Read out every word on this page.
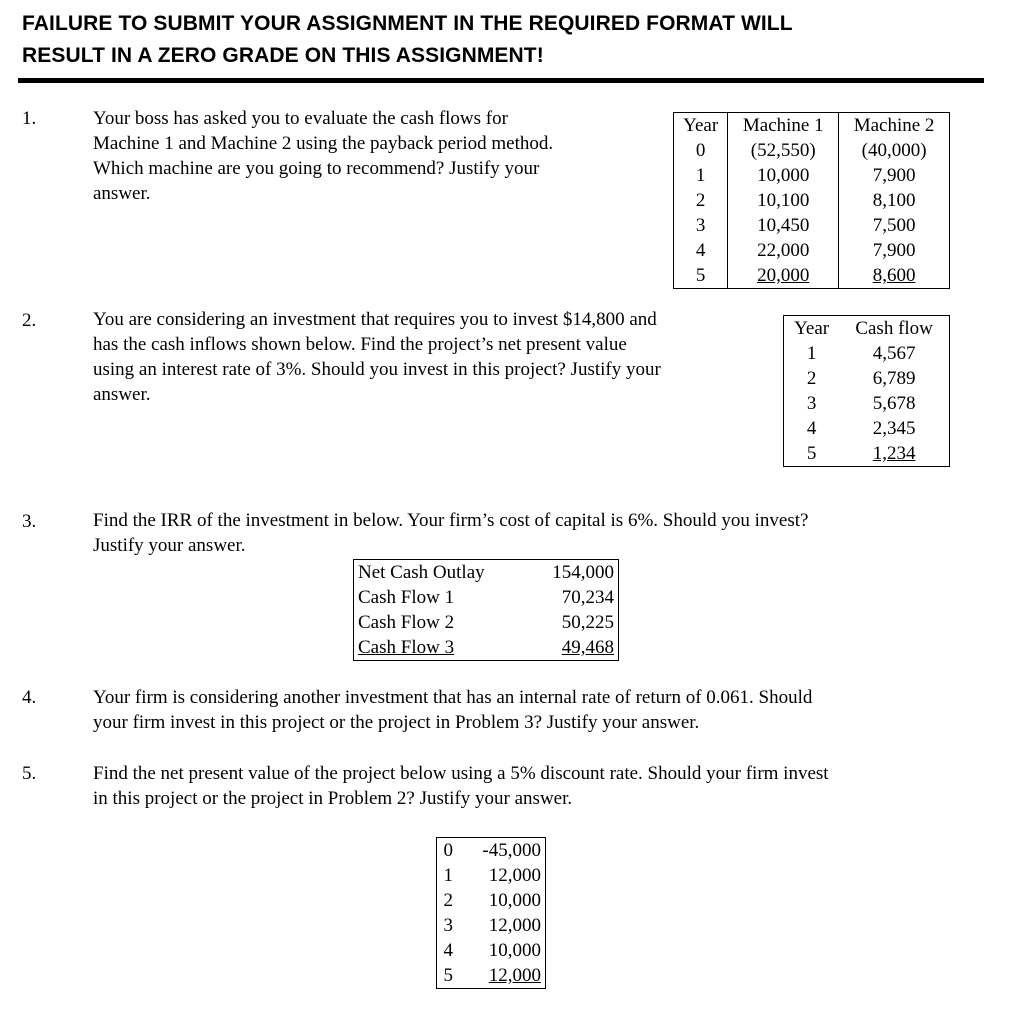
FAILURE TO SUBMIT YOUR ASSIGNMENT IN THE REQUIRED FORMAT WILL
RESULT IN A ZERO GRADE ON THIS ASSIGNMENT!
1.	Your boss has asked you to evaluate the cash flows for
Machine 1 and Machine 2 using the payback period method.
Which machine are you going to recommend? Justify your
answer.
Year	Machine 1	Machine 2
0	(52,550)	(40,000)
1	10,000	7,900
2	10,100	8,100
3	10,450	7,500
4	22,000	7,900
5	20,000	8,600
2.	You are considering an investment that requires you to invest $14,800 and
has the cash inflows shown below. Find the project’s net present value
using an interest rate of 3%. Should you invest in this project? Justify your
answer.
Year	Cash flow
1	4,567
2	6,789
3	5,678
4	2,345
5	1,234
3.	Find the IRR of the investment in below. Your firm’s cost of capital is 6%. Should you invest?
Justify your answer.
Net Cash Outlay	154,000
Cash Flow 1	70,234
Cash Flow 2	50,225
Cash Flow 3	49,468
4.	Your firm is considering another investment that has an internal rate of return of 0.061. Should
your firm invest in this project or the project in Problem 3? Justify your answer.
5.	Find the net present value of the project below using a 5% discount rate. Should your firm invest
in this project or the project in Problem 2? Justify your answer.
0	-45,000
1	12,000
2	10,000
3	12,000
4	10,000
5	12,000
